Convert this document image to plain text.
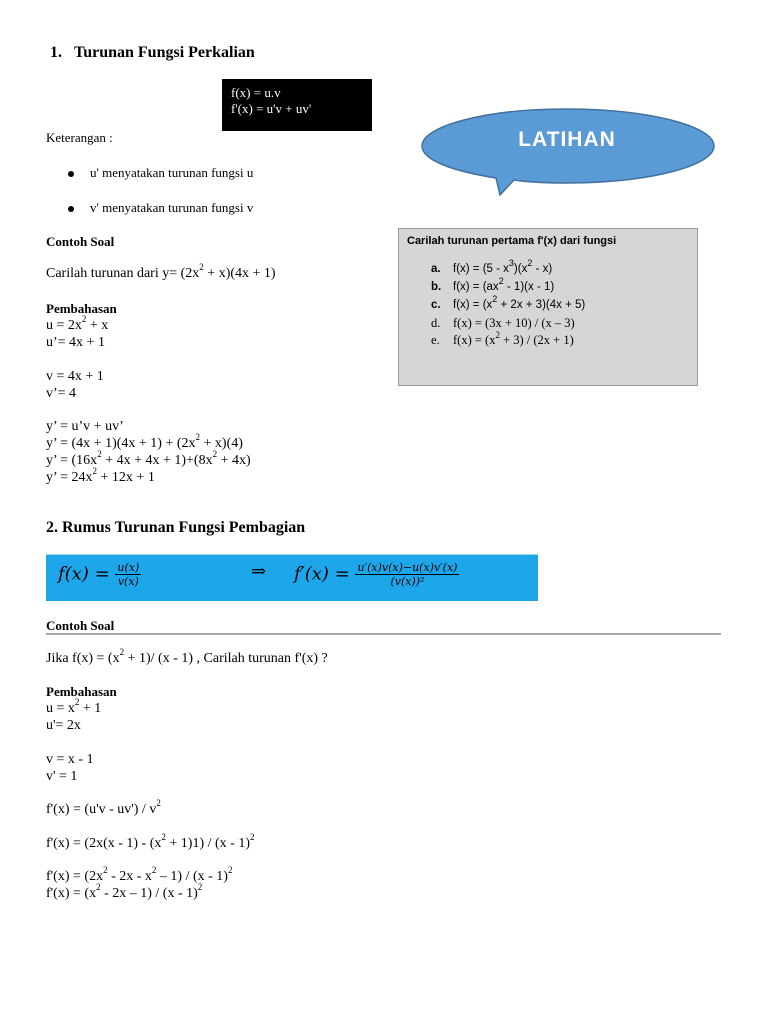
1. Turunan Fungsi Perkalian
f(x) = u.v
f'(x) = u'v + uv'
Keterangan :
u' menyatakan turunan fungsi u
v' menyatakan turunan fungsi v
LATIHAN
Carilah turunan pertama f'(x) dari fungsi
a. $f(x) = (5 - x^3)(x^2 - x)$
b. $f(x) = (ax^2 - 1)(x - 1)$
c. $f(x) = (x^2 + 2x + 3)(4x + 5)$
d. f(x) = (3x + 10) / (x – 3)
e. $f(x) = (x^2 + 3) / (2x + 1)$
Contoh Soal
Carilah turunan dari $y= (2x^2 + x)(4x + 1)$
Pembahasan
$u = 2x^2 + x$
u’= 4x + 1
v = 4x + 1
v’= 4
y’ = u’v + uv’
y’ = $(4x + 1)(4x + 1) + (2x^2 + x)(4)$
y’ = $(16x^2 + 4x + 4x + 1)+(8x^2 + 4x)$
y’ = $24x^2 + 12x + 1$
2. Rumus Turunan Fungsi Pembagian
$f(x) = \frac{u(x)}{v(x)}$	⇒ $f'(x) = \frac{u'(x)v(x)-u(x)v'(x)}{\text{(v(x))²}}$
Contoh Soal
Jika $f(x) = (x^2 + 1)/$ (x - 1) , Carilah turunan f'(x) ?
Pembahasan
$u = x^2 + 1$
u'= 2x
v = x - 1
v' = 1
$f'(x) = (u'v - uv') / v^2$
$f'(x) = (2x(x - 1) - (x^2 + 1)1) / (x - 1)^2$
$f'(x) = (2x^2 - 2x - x^2 - 1) / (x - 1)^2$
$f'(x) = (x^2 - 2x - 1) / (x - 1)^2$
